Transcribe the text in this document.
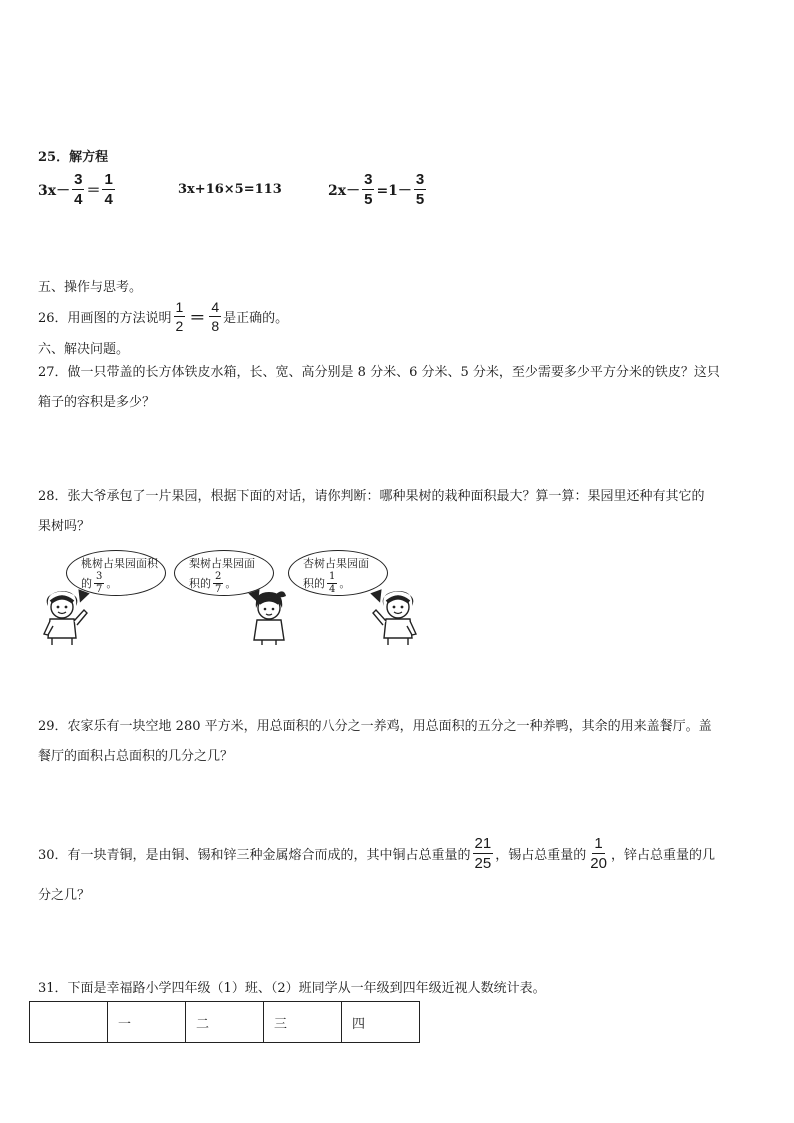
25．解方程
$3x- \frac{3}{4} = \frac{1}{4}$	3x+16×5=113	$2x- \frac{3}{5} =1- \frac{3}{5}$
五、操作与思考。
26．用画图的方法说明 $\frac{1}{2} = \frac{4}{8}$ 是正确的。
六、解决问题。
27．做一只带盖的长方体铁皮水箱，长、宽、高分别是 8 分米、6 分米、5 分米，至少需要多少平方分米的铁皮？这只
箱子的容积是多少？
28．张大爷承包了一片果园，根据下面的对话，请你判断：哪种果树的栽种面积最大？算一算：果园里还种有其它的
果树吗？
桃树占果园面积
的 $\frac{3}{7}$ 。
梨树占果园面
积的 $\frac{2}{7}$ 。
杏树占果园面
积的 $\frac{1}{4}$ 。
29．农家乐有一块空地 280 平方米，用总面积的八分之一养鸡，用总面积的五分之一种养鸭，其余的用来盖餐厅。盖
餐厅的面积占总面积的几分之几？
30．有一块青铜，是由铜、锡和锌三种金属熔合而成的，其中铜占总重量的 $\frac{21}{25}$ ，锡占总重量的 $\frac{1}{20}$ ，锌占总重量的几
分之几？
31．下面是幸福路小学四年级（1）班、（2）班同学从一年级到四年级近视人数统计表。
	一	二	三	四
